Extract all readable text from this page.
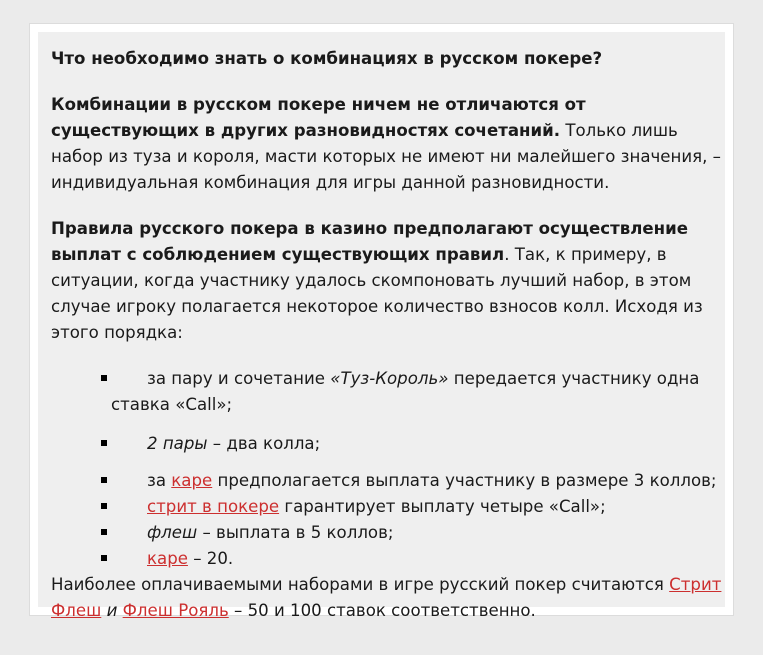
Что необходимо знать о комбинациях в русском покере?

Комбинации в русском покере ничем не отличаются от существующих в других разновидностях сочетаний. Только лишь набор из туза и короля, масти которых не имеют ни малейшего значения, – индивидуальная комбинация для игры данной разновидности.

Правила русского покера в казино предполагают осуществление выплат с соблюдением существующих правил. Так, к примеру, в ситуации, когда участнику удалось скомпоновать лучший набор, в этом случае игроку полагается некоторое количество взносов колл. Исходя из этого порядка:

за пару и сочетание «Туз-Король» передается участнику одна ставка «Call»;
2 пары – два колла;
за каре предполагается выплата участнику в размере 3 коллов;
стрит в покере гарантирует выплату четыре «Call»;
флеш – выплата в 5 коллов;
каре – 20.

Наиболее оплачиваемыми наборами в игре русский покер считаются Стрит Флеш и Флеш Рояль – 50 и 100 ставок соответственно.
